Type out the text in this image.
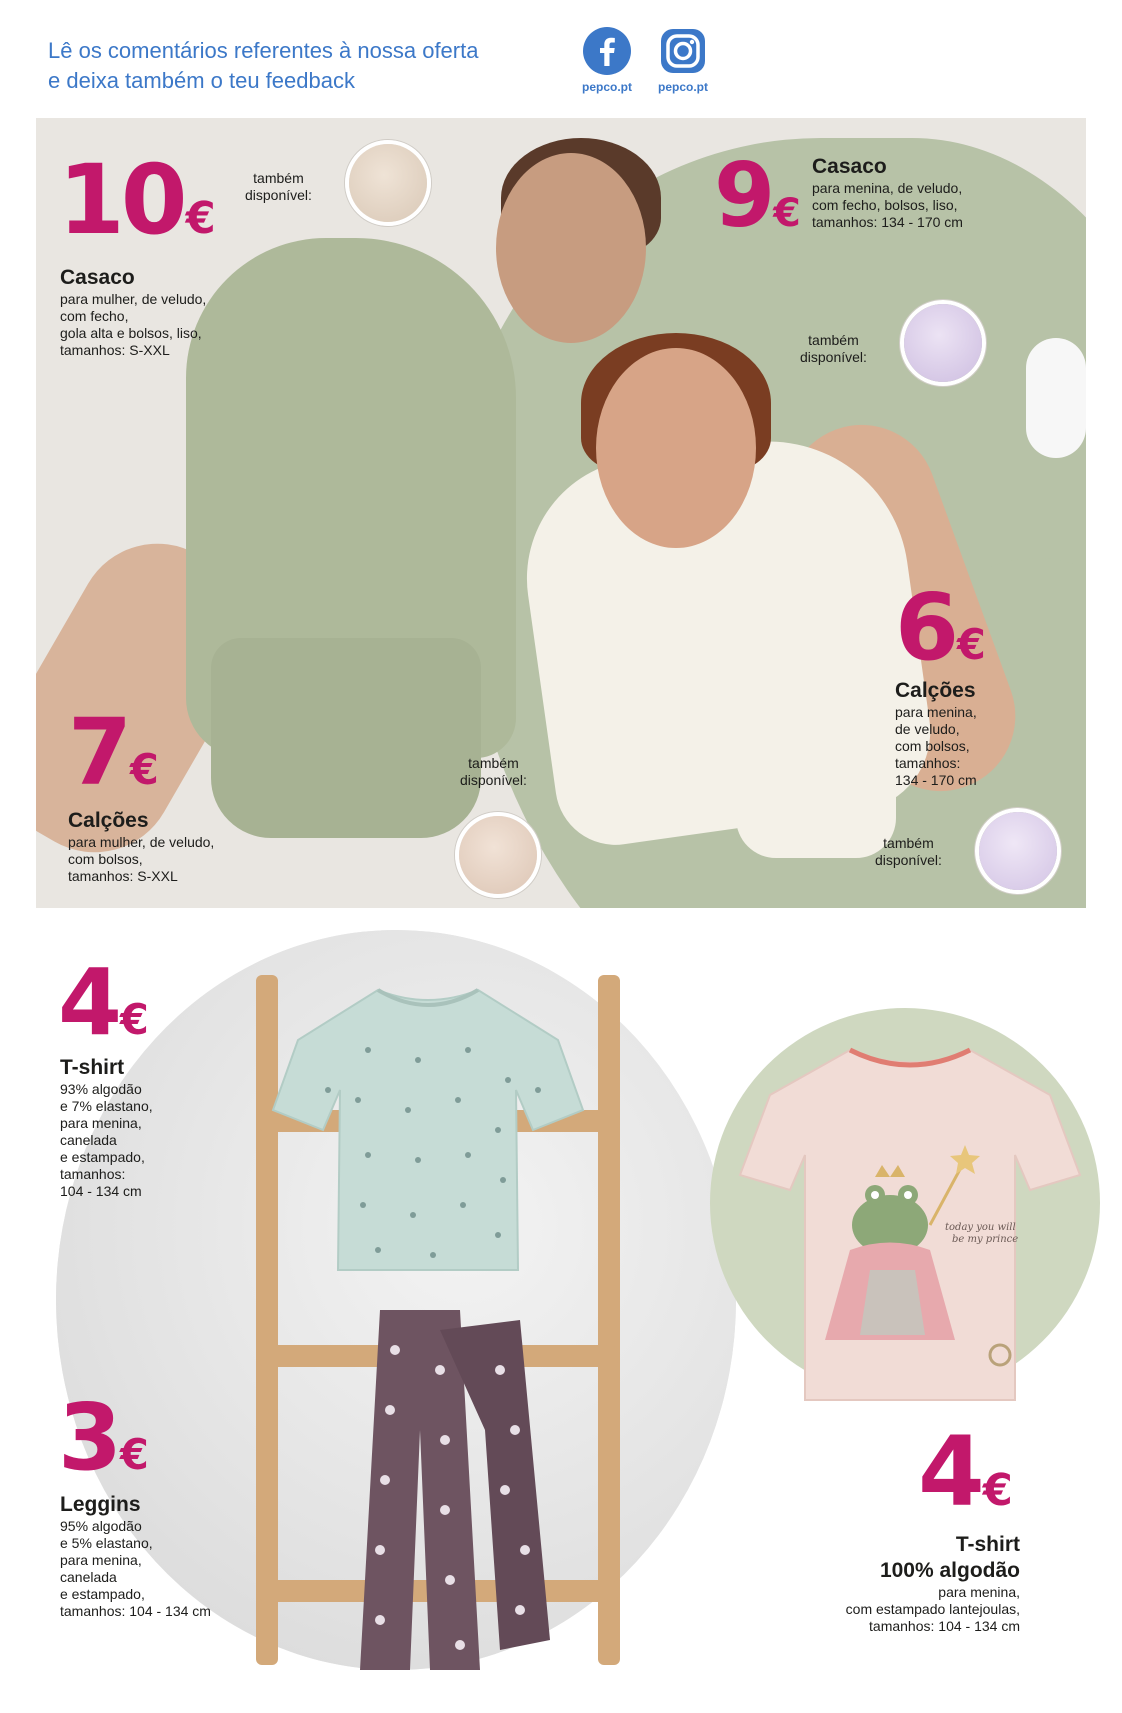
Lê os comentários referentes à nossa oferta
e deixa também o teu feedback	pepco.pt	pepco.pt
10€
Casaco
para mulher, de veludo,
com fecho,
gola alta e bolsos, liso,
tamanhos: S-XXL
também
disponível:	9€
Casaco
para menina, de veludo,
com fecho, bolsos, liso,
tamanhos: 134 - 170 cm
também
disponível:
6€
Calções
para menina,
de veludo,
com bolsos,
tamanhos:
134 - 170 cm
também
disponível:
7€
Calções
para mulher, de veludo,
com bolsos,
tamanhos: S-XXL
também
disponível:
4€
T-shirt
93% algodão
e 7% elastano,
para menina,
canelada
e estampado,
tamanhos:
104 - 134 cm
3€
Leggins
95% algodão
e 5% elastano,
para menina,
canelada
e estampado,
tamanhos: 104 - 134 cm
today you will
be my prince
4€
T-shirt
100% algodão
para menina,
com estampado lantejoulas,
tamanhos: 104 - 134 cm
